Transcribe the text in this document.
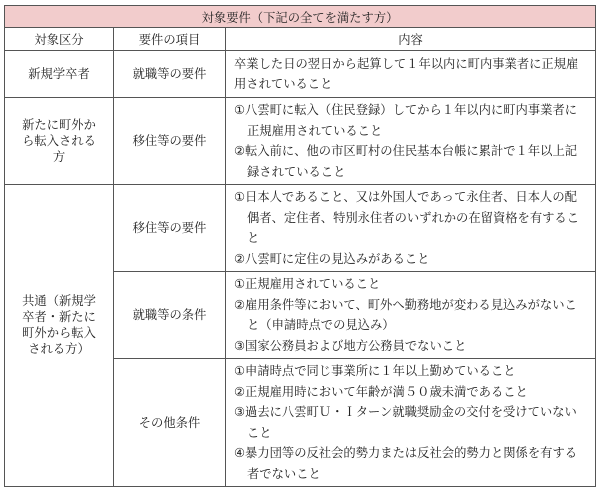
対象要件（下記の全てを満たす方）		
対象区分	要件の項目	内容
新規学卒者	就職等の要件	卒業した日の翌日から起算して１年以内に町内事業者に正規雇用されていること

新たに町外から転入される方	移住等の要件	①八雲町に転入（住民登録）してから１年以内に町内事業者に正規雇用されていること
②転入前に、他の市区町村の住民基本台帳に累計で１年以上記録されていること

共通（新規学卒者・新たに町外から転入される方）	移住等の要件	①日本人であること、又は外国人であって永住者、日本人の配偶者、定住者、特別永住者のいずれかの在留資格を有すること
②八雲町に定住の見込みがあること

	就職等の条件	①正規雇用されていること
②雇用条件等において、町外へ勤務地が変わる見込みがないこと（申請時点での見込み）
③国家公務員および地方公務員でないこと

	その他条件	①申請時点で同じ事業所に１年以上勤めていること
②正規雇用時において年齢が満５０歳未満であること
③過去に八雲町Ｕ・Ｉターン就職奨励金の交付を受けていないこと
④暴力団等の反社会的勢力または反社会的勢力と関係を有する者でないこと
